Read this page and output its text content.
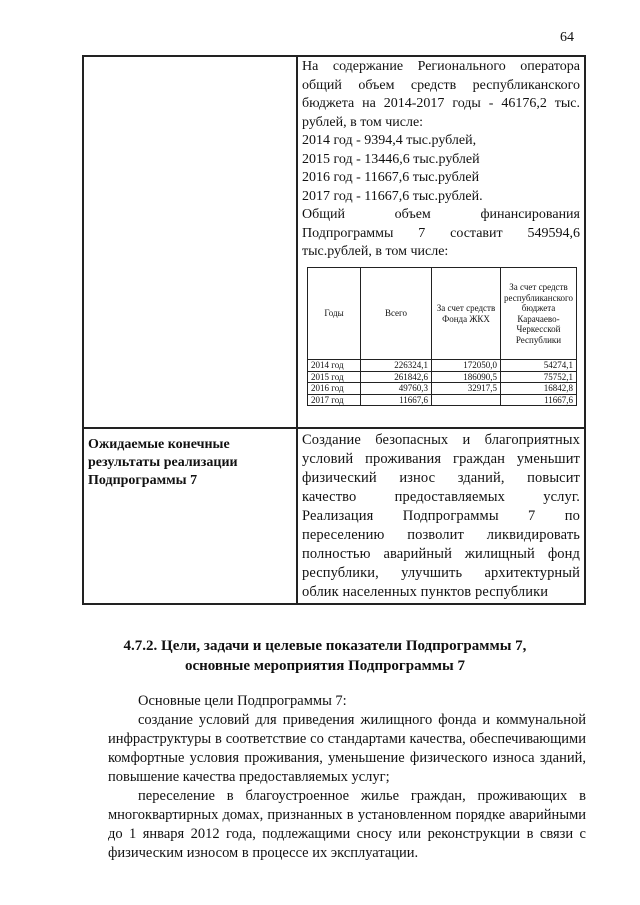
64

На содержание Регионального оператора общий объем средств республиканского бюджета на 2014-2017 годы - 46176,2 тыс. рублей, в том числе:

2014 год - 9394,4 тыс.рублей,

2015 год - 13446,6 тыс.рублей

2016 год - 11667,6 тыс.рублей

2017 год - 11667,6 тыс.рублей.

Общий объем финансирования Подпрограммы 7 составит 549594,6 тыс.рублей, в том числе:

Годы	Всего	За счет средств Фонда ЖКХ	За счет средств республиканского бюджета Карачаево-Черкесской Республики
2014 год	226324,1	172050,0	54274,1
2015 год	261842,6	186090,5	75752,1
2016 год	49760,3	32917,5	16842,8
2017 год	11667,6		11667,6
Ожидаемые конечные результаты реализации Подпрограммы 7
Создание безопасных и благоприятных условий проживания граждан уменьшит физический износ зданий, повысит качество предоставляемых услуг. Реализация Подпрограммы 7 по переселению позволит ликвидировать полностью аварийный жилищный фонд республики, улучшить архитектурный облик населенных пунктов республики
4.7.2. Цели, задачи и целевые показатели Подпрограммы 7, основные мероприятия Подпрограммы 7

Основные цели Подпрограммы 7:

создание условий для приведения жилищного фонда и коммунальной инфраструктуры в соответствие со стандартами качества, обеспечивающими комфортные условия проживания, уменьшение физического износа зданий, повышение качества предоставляемых услуг;

переселение в благоустроенное жилье граждан, проживающих в многоквартирных домах, признанных в установленном порядке аварийными до 1 января 2012 года, подлежащими сносу или реконструкции в связи с физическим износом в процессе их эксплуатации.
